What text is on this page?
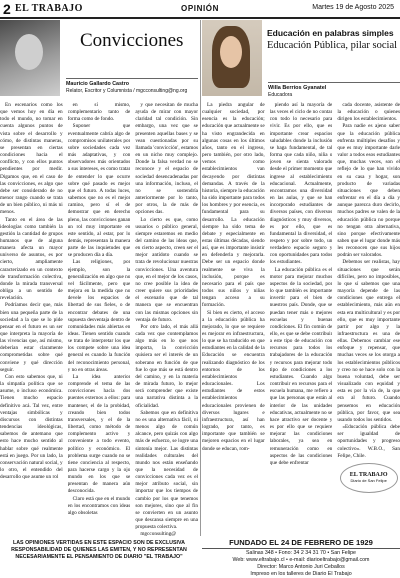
2 EL TRABAJO	OPINIÓN	Martes 19 de Agosto 2025
Convicciones
Mauricio Gallardo Castro
Relator, Escritor y Columnista / mgcconsulting@ng.org

En escenarios como los que vemos hoy en día en todo el mundo, no tomar en cuenta algunos puntos de vista sobre el desarrollo y cómo, de distintas maneras, se presentan en ciertas condiciones hacia el conflicto, y con ellos puntos pendientes por medir. Digamos que, en el caso de las convicciones, es algo que debe ser considerado de no menor rango cuando se trata de un bien público, ni más ni menos.

Tanto en el área de las ideologías como también la gestión la cantidad de grupos humanos que de alguna manera afecta un mayor universo de asuntos, es por cierto, ampliamente caracterizado en un contexto de transformación colectiva, donde la mirada transversal obliga a un sentido de revelación.

Podríamos decir que, más bien una pequeña parte de la sociedad a la que se lo pide pensar en el futuro es un ser que interpreta la mayoría de las vivencias que, así mismo, deberían estar claramente comprometidas sobre qué conviene y qué dirección seguir.

Con esto sabemos que, ni la simpatía política que se asume, o incluso económica. Tienen mucho espacio definitivo acá. Tal vez, entre ventajas simbólicas y discursos con distintas tendencias ideológicas, sabemos de antemano que esto hace mucho sentido al hablar sobre qué realmente está en juego. Por un lado, la conservación natural social, y lo otro, el entendido del desarrollo que asume un rol

en sí mismo, complementario tanto de forma como de fondo.

Suponer que eventualmente cabría algo de compromisos unilaterales por sobre sociedades cada vez más adaptativas, y con observadores más orientados a sus intereses, es como tratar de entender lo que ocurre sobre qué pasado es mejor que el futuro. A todas luces, sabemos que no es el mejor camino, pero sí el de demostrar que en derecho pleno, las convicciones ganan un rol muy importante en este sentido, al estar, por lo demás, representan la manera parte de las inquietudes que se producen día a día.

Las religiones, por ejemplo, son la generalización en algo que no vel fácilmente, pero que mejora en la medida que no devele los espacios de libertad de sus fieles, o de encontrar debates de una supuesta desventaja dentro de comunidades más abiertas en ideas. Tienen sentido cuando se trata de interpretar los que los compete sobre una idea general es cuando la función del reconocimiento personal, y no en otras áreas.

La idea anterior comprende el tema de las convicciones hacia dos puentes externos a ellos: para mantener, el de la probidad, creando bien todos transversales, y el de la libertad, como método de complemento activo y conveniente a todo evento, político y económico. El problema surge cuando no se tiene conciencia al respecto, para hacerse cargo y la ojo mundo en los que se presentan de manera aún desconocida.

Claro está que en el mundo en los encontramos con ideas algo obsoletas

y que necesitan de mucha ayuda de mirar con mayor claridad tal condición. Sin embargo, una vez que se presenten aquellas bases y se vean cuestionadas por su llamada 'convicción', estamos en un nicho muy complejo. Donde la falsa verdad no se reconoce y el espacio de sociedad desencadenadas por una información, incluso, el no se sostendría anteriormente por lo tanto, por otros, la de más de opciones das.

Lo cierto es que, como usuarios o público general, siempre estaremos en medio del camino de las ideas que, en cierto aspecto, creen ser el mejor antídoto cuando se trata de revolucionar nuestras convicciones. Una aventura que, en el mejor de los casos, no cree posible la idea de creer quiere sus prioridades el escenario que de tal manera que se encuentran con las mismas opciones sin ventaja de futuro.

Por otro lado, el más allá cada vez que contemplamos algo más en lo que nos importa, la convicción quisiera ser el interés de un soberano en función de que fue lo que más se está dentro del camino, y en la materia de mirada futuro, lo mejor será comprender que existe una narrativa distinta a la oficialidad.

Sabemos que en definitiva no es una alternativa fácil, ni menos algo de común alcance, pero quizás con algo más de esfuerzo, se logre una sintonía mejor. Las distintas realidades culturales del mundo nos están enseñando que la necesidad de convicciones cada vez es el mejor atributo social, sin importar que los tiempos de cambio por los que tenemos son mejores, sino que al fin se convierten en un asunto que descansa siempre en una propuesta colectiva.

mgcconsulting@

Educación en palabras simples
Educación Pública, pilar social
Willa Berríos Gyanatel
Educadora

La piedra angular de cualquier sociedad, por esencia es la educación; educación que actualmente se ha visto engrandecida en algunas cosas en los últimos años, tanto en el ingreso, pero también, por otro lado, vemos como establecimientos van decayendo por distintas demandas. A través de la historia, siempre la educación ha sido importante para todos los hombres y por esencia, es fundamental para su desarrollo. La educación siempre ha sido tema de debate y especialmente en estas últimas décadas, siendo así, que es importante insistir en defenderla y mejorarla. Debe ser un espacio donde realmente se viva la inclusión, porque es necesario para el país que todos sus niños y niñas tengan acceso a su formación.

Si bien es cierto, el acceso a la educación pública ha mejorado, lo que se requiere es mejorar en infraestructura, lo que se ha traducido en que estudiantes en la calidad de la Educación se encuentra realizando diagnóstico de los entornos de los establecimientos educacionales. Los estudiantes de estos establecimientos educacionales provienen de diversos lugares e infraestructura, así han logrado, por tanto, es importante que también se mejoren espacios en el lugar donde se educan, rom-

piendo así la mayoría de las veces el ciclo de no contar con todo lo necesario para vivir. Es por ello, que es importante crear espacios saludables donde la inclusión se haga fundamental, de tal forma que cada niño, niña o joven se sienta valorado desde el primer momento que ingrese al establecimiento educacional. Actualmente, encontramos una diversidad en las aulas, y que se han incorporado estudiantes de diversos países, con diversos diagnósticos y muy diversos, es por ello, que es fundamental la diversidad, el respeto y por sobre todo, un verdadero espacio seguro y con oportunidades para todos los estudiantes.

La educación pública es el motor para mejorar muchos aspectos de la sociedad, por lo que también es importante invertir para el bien de nuestros país. Donde, que se puedan tener más o mejores escuelas y buenas condiciones. El fin común de ello, es que se debe contribuir a este tipo de educación con recursos para todos los trabajadores de la educación y recursos para mejorar todo tipo de condiciones a los estudiantes. Cuando algo contribuir en recursos para el escuela humana, me refiero a que las personas que están al interior de las unidades educativas, actualmente no se hace atractivo ser docente y es por ello que se requiere mejorar las condiciones laborales, ya sea en remuneración como en aspectos de las condiciones que debe enfrentar

cada docente, asistente de la educación o quienes dirigen los establecimientos.

Para nadie es ajeno saber que la educación pública enfrenta múltiples desafíos y que es muy importante darle valor a todos esos estudiantes que, muchas veces, son el reflejo de lo que han vivido en su casa y hogar, son producto de variadas situaciones que deben enfrentar en el día a día y aunque parezca duro decirlo, muchos padres se valen de la educación pública no porque no tengan otra alternativa, sino porque efectivamente saben que el lugar donde más les reconocen que sus hijos podrán ser valorados.

Debemos ser realistas, hay situaciones que serán difíciles, pero no imposibles, lo que sí sabemos que una mayoría depende de las condiciones que entrega el establecimiento, más aún en esta era multicultural y es por ello, que es muy importante partir por algo y la infraestructura es una de ellas. Debemos cambiar ese enfoque y repensar, que muchas veces se los otorga a los establecimientos públicos y creo no se hace solo con la buena voluntad, debe ser visualizado con equidad y esta es por la vía de, la que era al futuro. Cuando pensemos en educación pública, por favor, que sea usando todos los sentidos.

«Educación pública debe ser igualdad de oportunidades y progreso colectivo». W.B.O., San Felipe, Chile.

EL TRABAJO
Diario de San Felipe
LAS OPINIONES VERTIDAS EN ESTE ESPACIO SON DE EXCLUSIVA
RESPONSABILIDAD DE QUIENES LAS EMITEN, Y NO REPRESENTAN
NECESARIAMENTE EL PENSAMIENTO DE DIARIO "EL TRABAJO"
FUNDADO EL 24 DE FEBRERO DE 1929
Salinas 348 • Fono: 34 2 34 31 70 • San Felipe
Web: www.eltrabajo.cl • e-mail: diarioeltrabajo@gmail.com
Director: Marco Antonio Juri Ceballos
Impreso en los talleres de Diario El Trabajo
